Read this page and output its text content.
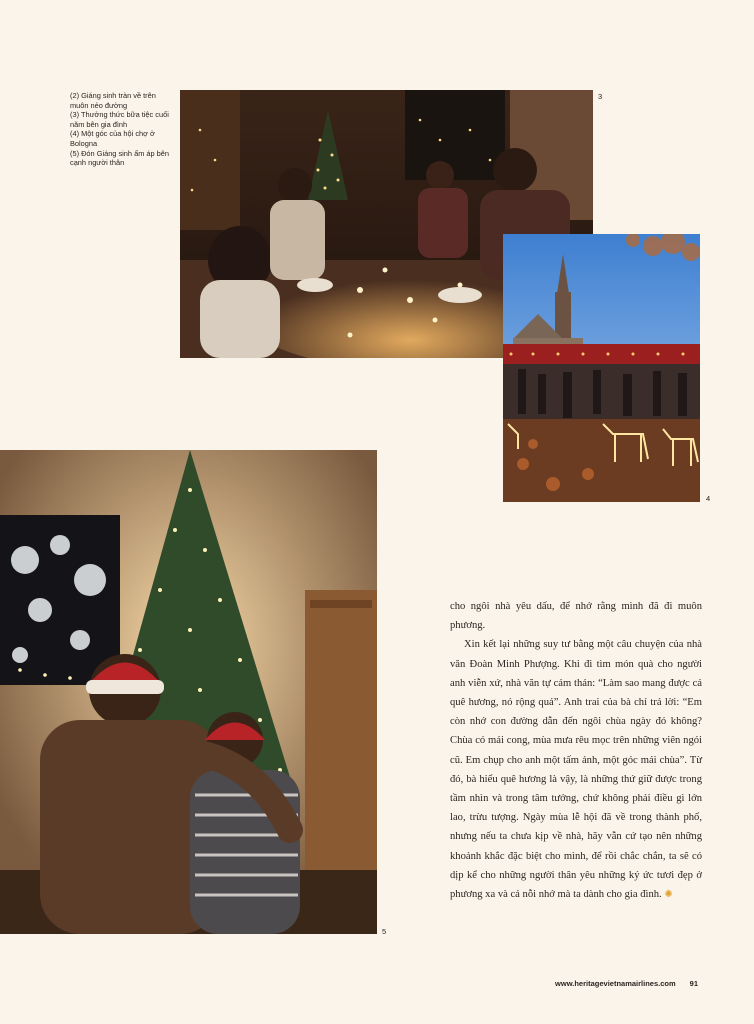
(2) Giáng sinh tràn về trên muôn nẻo đường

(3) Thưởng thức bữa tiệc cuối năm bên gia đình

(4) Một góc của hội chợ ở Bologna

(5) Đón Giáng sinh ấm áp bên cạnh người thân

3
4
5

cho ngôi nhà yêu dấu, để nhớ rằng mình đã đi muôn phương.

Xin kết lại những suy tư bằng một câu chuyện của nhà văn Đoàn Minh Phượng. Khi đi tìm món quà cho người anh viễn xứ, nhà văn tự cảm thán: “Làm sao mang được cả quê hương, nó rộng quá”. Anh trai của bà chỉ trả lời: “Em còn nhớ con đường dẫn đến ngôi chùa ngày đó không? Chùa có mái cong, mùa mưa rêu mọc trên những viên ngói cũ. Em chụp cho anh một tấm ảnh, một góc mái chùa”. Từ đó, bà hiểu quê hương là vậy, là những thứ giữ được trong tầm nhìn và trong tâm tưởng, chứ không phải điều gì lớn lao, trừu tượng. Ngày mùa lễ hội đã về trong thành phố, nhưng nếu ta chưa kịp về nhà, hãy vẫn cứ tạo nên những khoảnh khắc đặc biệt cho mình, để rồi chắc chắn, ta sẽ có dịp kể cho những người thân yêu những ký ức tươi đẹp ở phương xa và cả nỗi nhớ mà ta dành cho gia đình. ✺

www.heritagevietnamairlines.com 91
